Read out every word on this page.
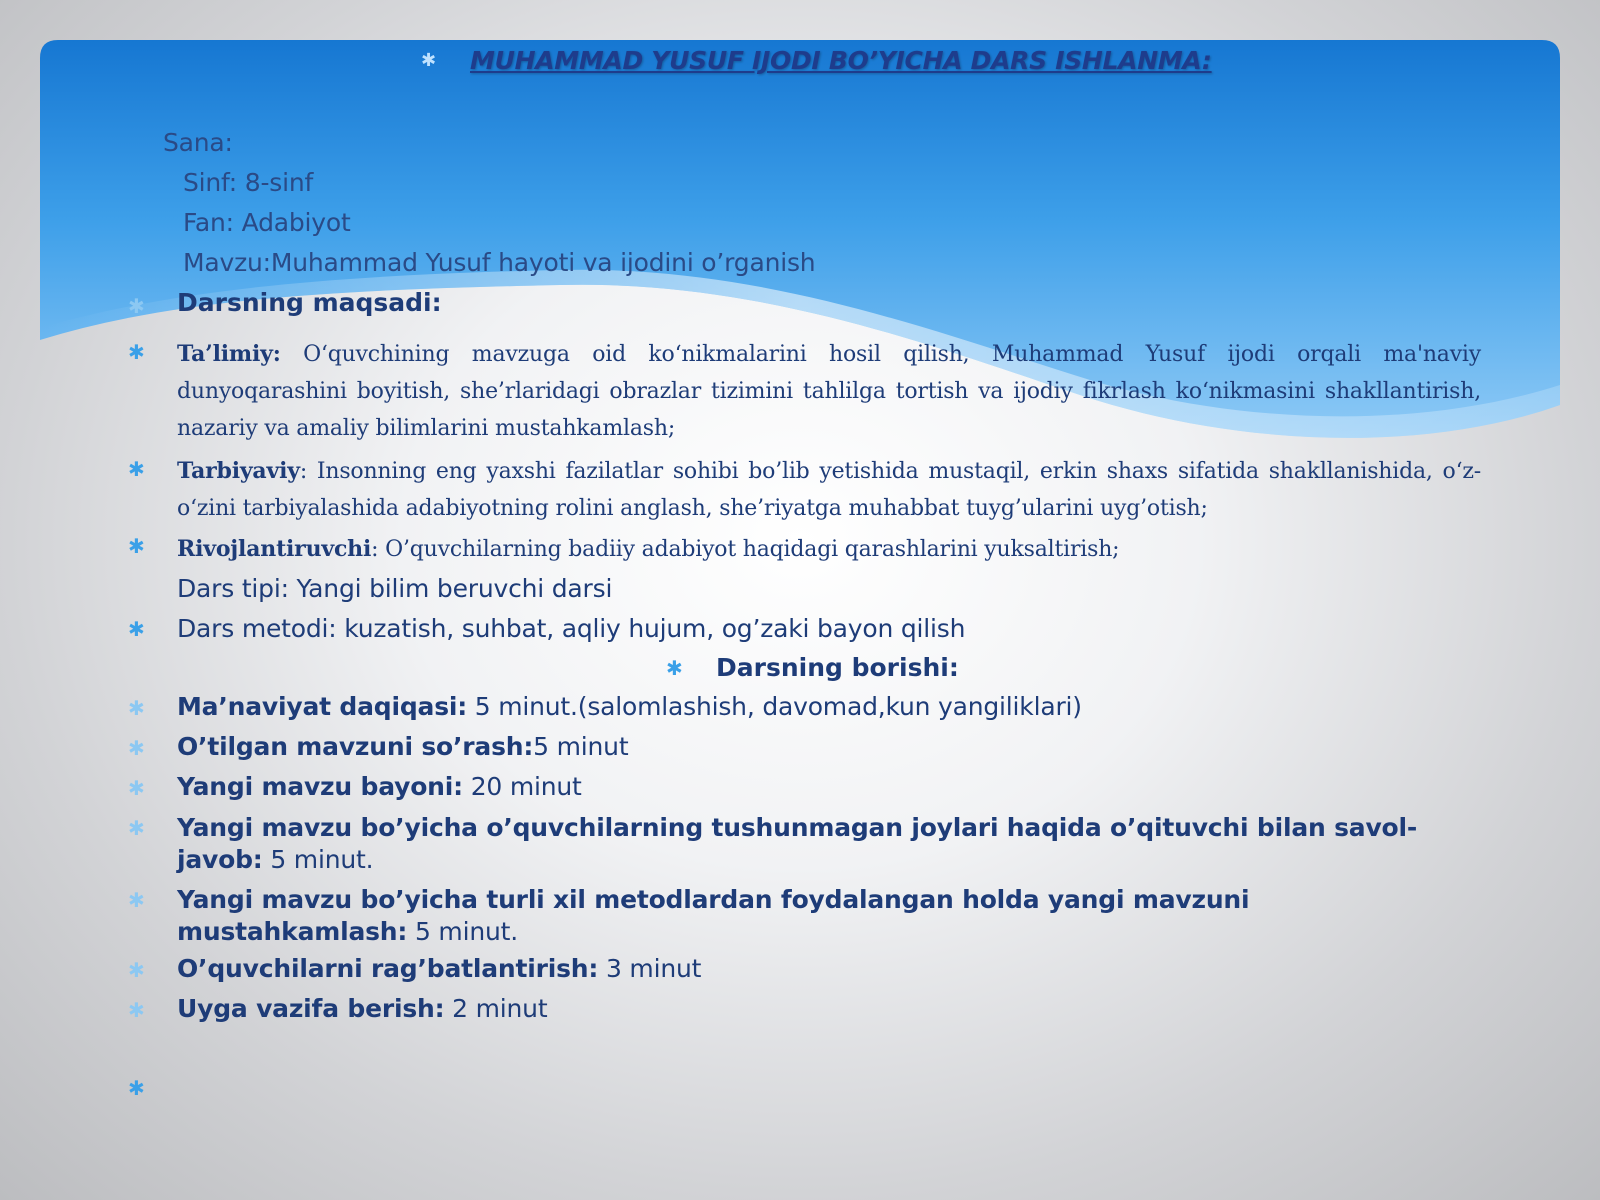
✱ MUHAMMAD YUSUF IJODI BO’YICHA DARS ISHLANMA:
Sana:
Sinf: 8-sinf
Fan: Adabiyot
Mavzu:Muhammad Yusuf hayoti va ijodini o’rganish
✱ Darsning maqsadi:
✱ Ta’limiy: O‘quvchining mavzuga oid ko‘nikmalarini hosil qilish, Muhammad Yusuf ijodi orqali ma'naviy dunyoqarashini boyitish, she’rlaridagi obrazlar tizimini tahlilga tortish va ijodiy fikrlash ko‘nikmasini shakllantirish, nazariy va amaliy bilimlarini mustahkamlash;
✱ Tarbiyaviy: Insonning eng yaxshi fazilatlar sohibi bo’lib yetishida mustaqil, erkin shaxs sifatida shakllanishida, o‘z-o‘zini tarbiyalashida adabiyotning rolini anglash, she’riyatga muhabbat tuyg’ularini uyg’otish;
✱ Rivojlantiruvchi: O’quvchilarning badiiy adabiyot haqidagi qarashlarini yuksaltirish;
Dars tipi: Yangi bilim beruvchi darsi
✱ Dars metodi: kuzatish, suhbat, aqliy hujum, og’zaki bayon qilish
✱ Darsning borishi:
✱ Ma’naviyat daqiqasi: 5 minut.(salomlashish, davomad,kun yangiliklari)
✱ O’tilgan mavzuni so’rash:5 minut
✱ Yangi mavzu bayoni: 20 minut
✱ Yangi mavzu bo’yicha o’quvchilarning tushunmagan joylari haqida o’qituvchi bilan savol-javob: 5 minut.
✱ Yangi mavzu bo’yicha turli xil metodlardan foydalangan holda yangi mavzuni mustahkamlash: 5 minut.
✱ O’quvchilarni rag’batlantirish: 3 minut
✱ Uyga vazifa berish: 2 minut
✱
